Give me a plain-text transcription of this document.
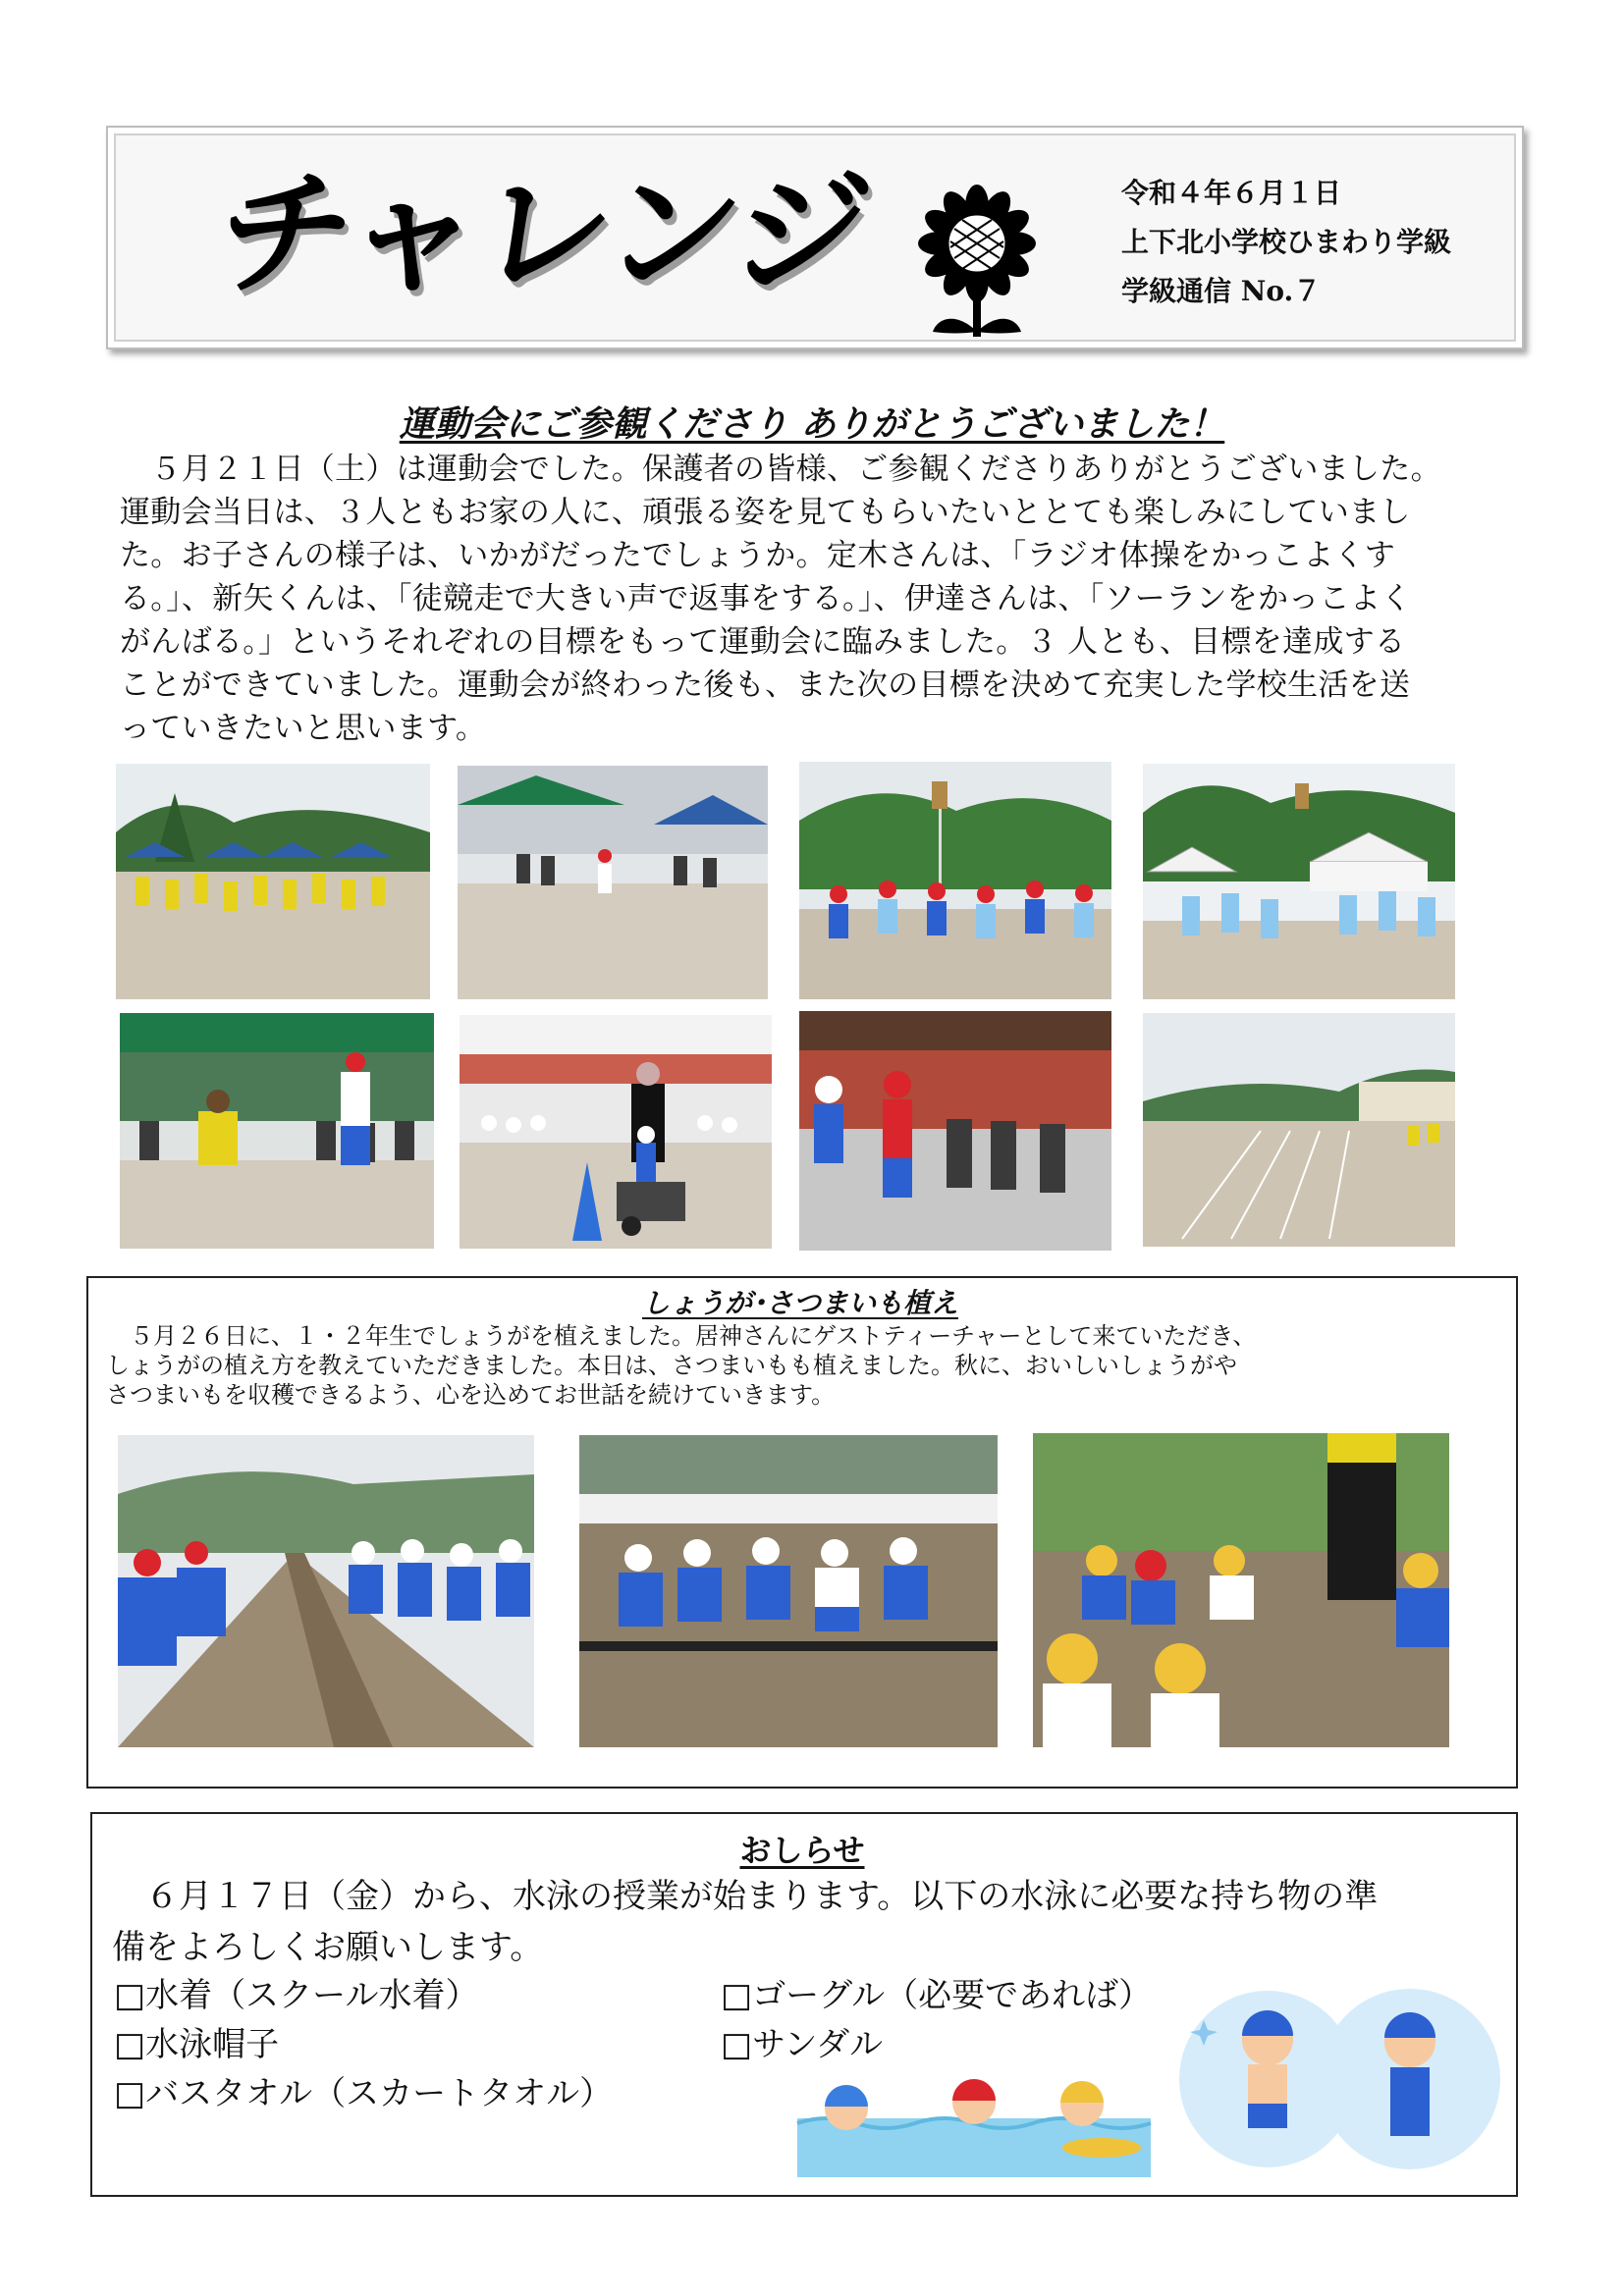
チャレンジ	令和４年６月１日
上下北小学校ひまわり学級
学級通信 No.７
運動会にご参観くださり ありがとうございました！
　５月２１日（土）は運動会でした。保護者の皆様、ご参観くださりありがとうございました。
運動会当日は、３人ともお家の人に、頑張る姿を見てもらいたいととても楽しみにしていまし
た。お子さんの様子は、いかがだったでしょうか。定木さんは、「ラジオ体操をかっこよくす
る。」、新矢くんは、「徒競走で大きい声で返事をする。」、伊達さんは、「ソーランをかっこよく
がんばる。」というそれぞれの目標をもって運動会に臨みました。３ 人とも、目標を達成する
ことができていました。運動会が終わった後も、また次の目標を決めて充実した学校生活を送
っていきたいと思います。
しょうが･さつまいも植え
　５月２６日に、１・２年生でしょうがを植えました。居神さんにゲストティーチャーとして来ていただき、
しょうがの植え方を教えていただきました。本日は、さつまいもも植えました。秋に、おいしいしょうがや
さつまいもを収穫できるよう、心を込めてお世話を続けていきます。
おしらせ
　６月１７日（金）から、水泳の授業が始まります。以下の水泳に必要な持ち物の準
備をよろしくお願いします。
□水着（スクール水着）	□ゴーグル（必要であれば）
□水泳帽子	□サンダル
□バスタオル（スカートタオル）
